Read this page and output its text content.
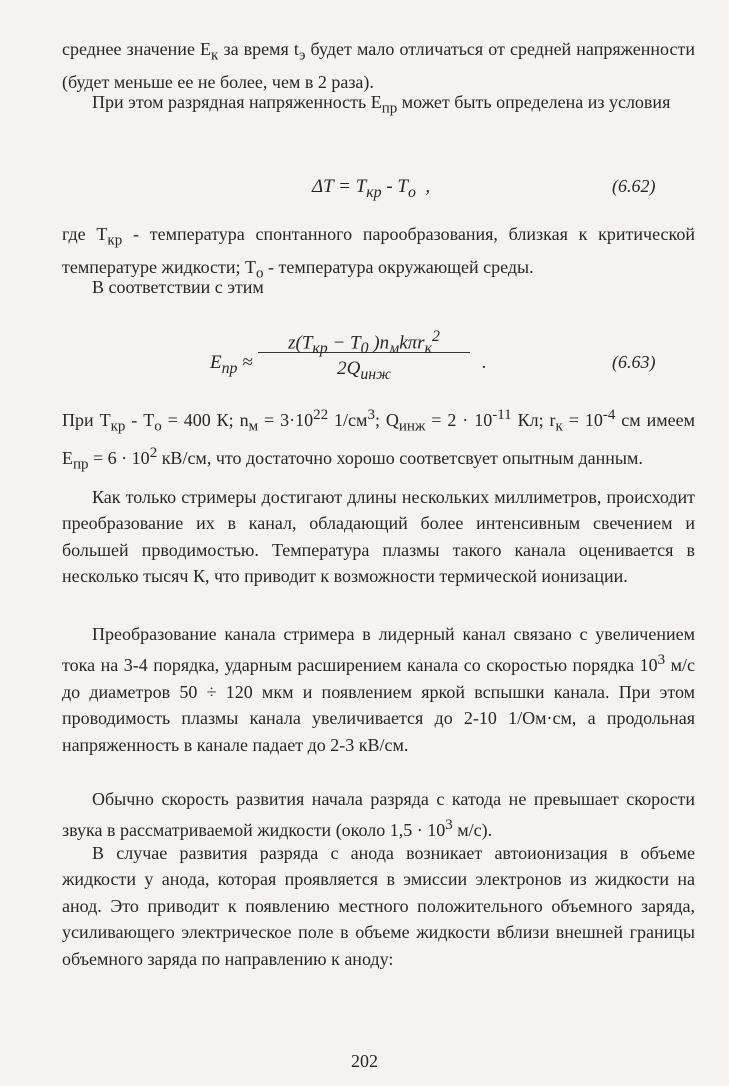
среднее значение $E_к$ за время $t_э$ будет мало отличаться от средней напряженности (будет меньше ее не более, чем в 2 раза).

При этом разрядная напряженность $E_{пр}$ может быть определена из условия

$\Delta T = T_{кр} - T_o$  ,	(6.62)

где $T_{кр}$ - температура спонтанного парообразования, близкая к критической температуре жидкости; $T_o$ - температура окружающей среды.

В соответствии с этим

$E_{пр}$ ≈
$z(T_{кр} - T_0$ )$n_мk\pi r_к^2$
$2Q_{инж}$
.	(6.63)

При $T_{кр} - T_o = 400$ К; $n_м = 3\cdot 10^{22}$ $1/см^3$; $Q_{инж} = 2 \cdot 10^{-11}$ Кл; $r_к = 10^{-4}$ см имеем $E_{пр} = 6 \cdot 10^2$ кВ/см, что достаточно хорошо соответсвует опытным данным.

Как только стримеры достигают длины нескольких миллиметров, происходит преобразование их в канал, обладающий более интенсивным свечением и большей прводимостью. Температура плазмы такого канала оценивается в несколько тысяч К, что приводит к возможности термической ионизации.

Преобразование канала стримера в лидерный канал связано с увеличением тока на 3-4 порядка, ударным расширением канала со скоростью порядка $10^3$ м/с до диаметров 50 ÷ 120 мкм и появлением яркой вспышки канала. При этом проводимость плазмы канала увеличивается до 2-10 1/Ом·см, а продольная напряженность в канале падает до 2-3 кВ/см.

Обычно скорость развития начала разряда с катода не превышает скорости звука в рассматриваемой жидкости (около $1,5 \cdot 10^3$ м/с).

В случае развития разряда с анода возникает автоионизация в объеме жидкости у анода, которая проявляется в эмиссии электронов из жидкости на анод. Это приводит к появлению местного положительного объемного заряда, усиливающего электрическое поле в объеме жидкости вблизи внешней границы объемного заряда по направлению к аноду:

202
